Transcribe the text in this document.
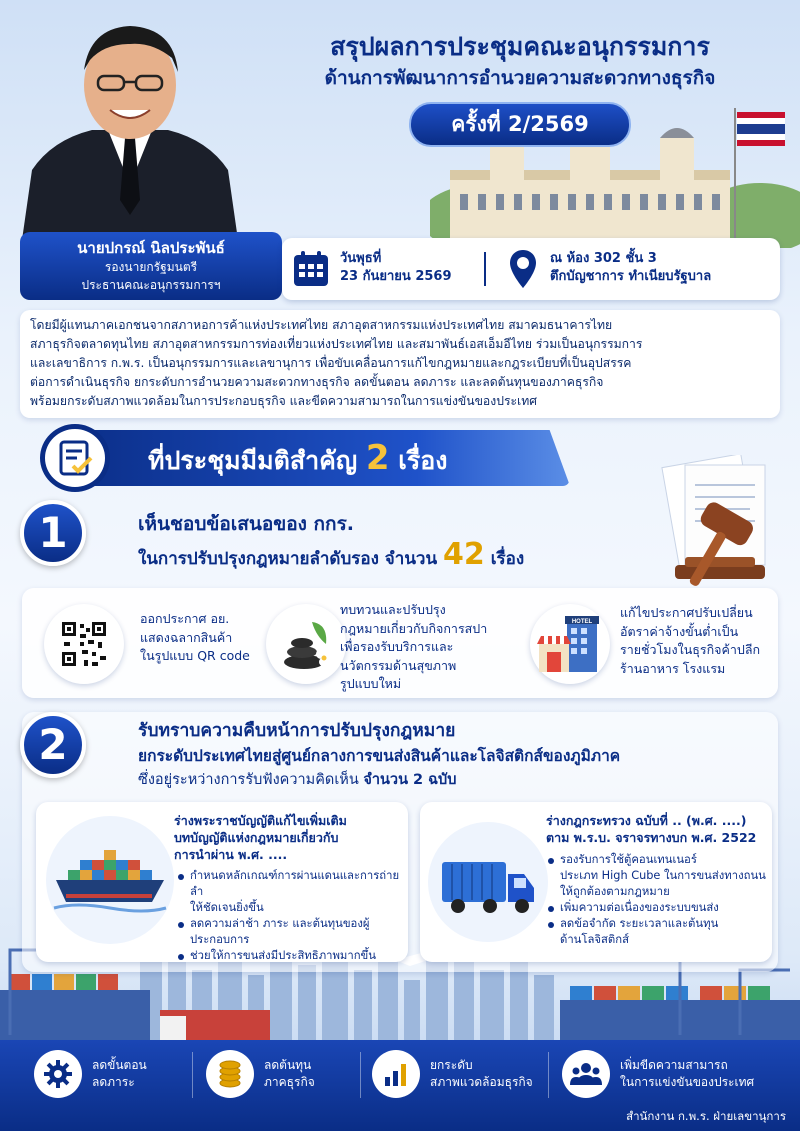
สรุปผลการประชุมคณะอนุกรรมการ
ด้านการพัฒนาการอำนวยความสะดวกทางธุรกิจ
ครั้งที่ 2/2569
นายปกรณ์ นิลประพันธ์
รองนายกรัฐมนตรี
ประธานคณะอนุกรรมการฯ
วันพุธที่
23 กันยายน 2569
ณ ห้อง 302 ชั้น 3
ตึกบัญชาการ ทำเนียบรัฐบาล
โดยมีผู้แทนภาคเอกชนจากสภาหอการค้าแห่งประเทศไทย สภาอุตสาหกรรมแห่งประเทศไทย สมาคมธนาคารไทย
สภาธุรกิจตลาดทุนไทย สภาอุตสาหกรรมการท่องเที่ยวแห่งประเทศไทย และสมาพันธ์เอสเอ็มอีไทย ร่วมเป็นอนุกรรมการ
และเลขาธิการ ก.พ.ร. เป็นอนุกรรมการและเลขานุการ เพื่อขับเคลื่อนการแก้ไขกฎหมายและกฎระเบียบที่เป็นอุปสรรค
ต่อการดำเนินธุรกิจ ยกระดับการอำนวยความสะดวกทางธุรกิจ ลดขั้นตอน ลดภาระ และลดต้นทุนของภาคธุรกิจ
พร้อมยกระดับสภาพแวดล้อมในการประกอบธุรกิจ และขีดความสามารถในการแข่งขันของประเทศ
ที่ประชุมมีมติสำคัญ 2 เรื่อง
1	เห็นชอบข้อเสนอของ กกร.
ในการปรับปรุงกฎหมายลำดับรอง จำนวน 42 เรื่อง
ออกประกาศ อย.
แสดงฉลากสินค้า
ในรูปแบบ QR code
ทบทวนและปรับปรุง
กฎหมายเกี่ยวกับกิจการสปา
เพื่อรองรับบริการและ
นวัตกรรมด้านสุขภาพ
รูปแบบใหม่
HOTEL
แก้ไขประกาศปรับเปลี่ยน
อัตราค่าจ้างขั้นต่ำเป็น
รายชั่วโมงในธุรกิจค้าปลีก
ร้านอาหาร โรงแรม
2	รับทราบความคืบหน้าการปรับปรุงกฎหมาย
ยกระดับประเทศไทยสู่ศูนย์กลางการขนส่งสินค้าและโลจิสติกส์ของภูมิภาค
ซึ่งอยู่ระหว่างการรับฟังความคิดเห็น จำนวน 2 ฉบับ
ร่างพระราชบัญญัติแก้ไขเพิ่มเติม
บทบัญญัติแห่งกฎหมายเกี่ยวกับ
การนำผ่าน พ.ศ. ....
กำหนดหลักเกณฑ์การผ่านแดนและการถ่ายลำ
ให้ชัดเจนยิ่งขึ้น
ลดความล่าช้า ภาระ และต้นทุนของผู้ประกอบการ
ช่วยให้การขนส่งมีประสิทธิภาพมากขึ้น
ร่างกฎกระทรวง ฉบับที่ .. (พ.ศ. ....)
ตาม พ.ร.บ. จราจรทางบก พ.ศ. 2522
รองรับการใช้ตู้คอนเทนเนอร์
ประเภท High Cube ในการขนส่งทางถนน
ให้ถูกต้องตามกฎหมาย
เพิ่มความต่อเนื่องของระบบขนส่ง
ลดข้อจำกัด ระยะเวลาและต้นทุน
ด้านโลจิสติกส์
ลดขั้นตอน
ลดภาระ
ลดต้นทุน
ภาคธุรกิจ
ยกระดับ
สภาพแวดล้อมธุรกิจ
เพิ่มขีดความสามารถ
ในการแข่งขันของประเทศ
สำนักงาน ก.พ.ร. ฝ่ายเลขานุการ
